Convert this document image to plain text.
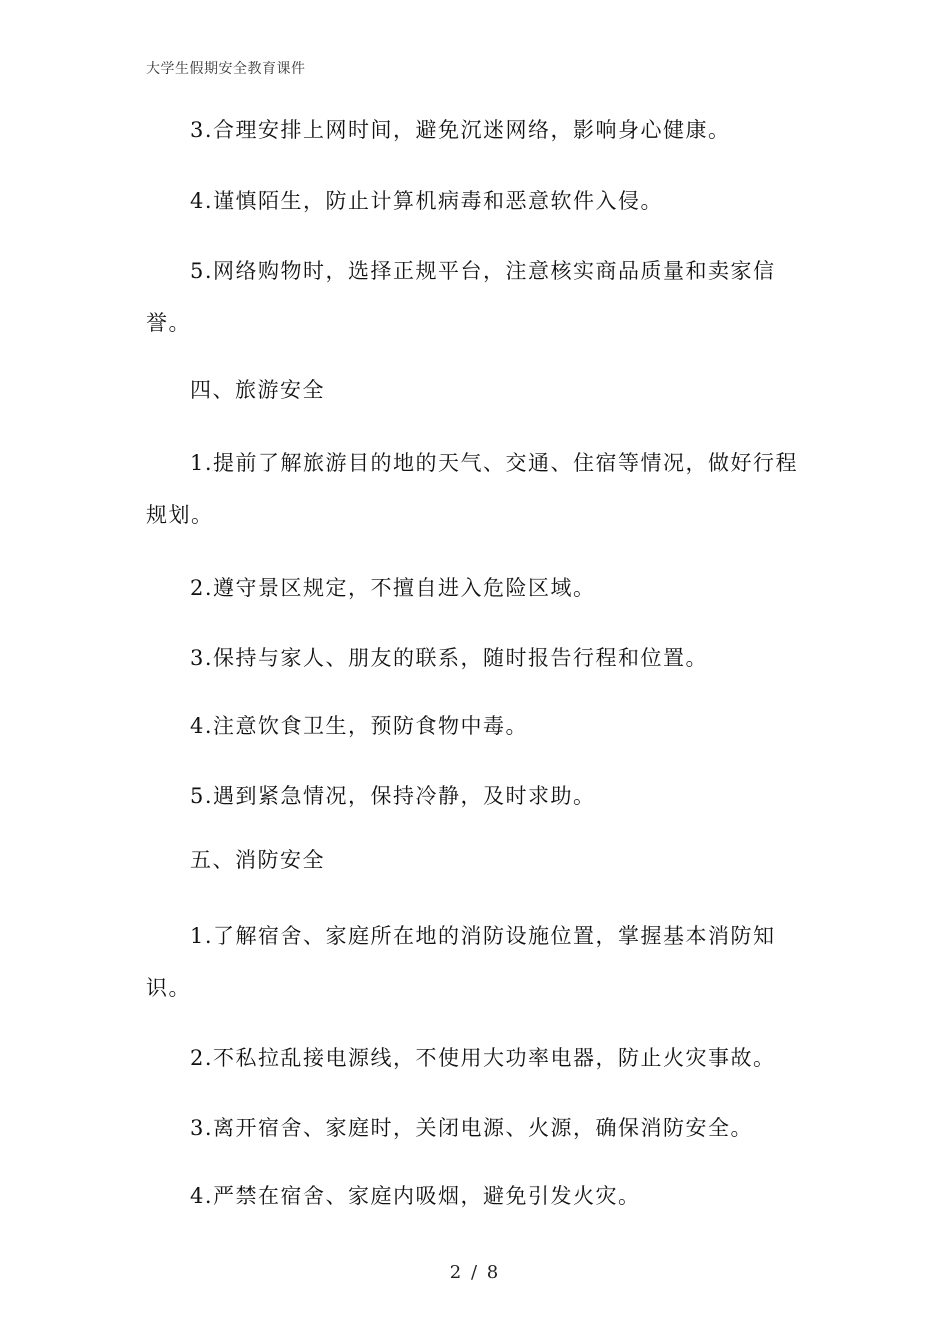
大学生假期安全教育课件

3.合理安排上网时间，避免沉迷网络，影响身心健康。

4.谨慎陌生，防止计算机病毒和恶意软件入侵。

5.网络购物时，选择正规平台，注意核实商品质量和卖家信誉。

四、旅游安全

1.提前了解旅游目的地的天气、交通、住宿等情况，做好行程规划。

2.遵守景区规定，不擅自进入危险区域。

3.保持与家人、朋友的联系，随时报告行程和位置。

4.注意饮食卫生，预防食物中毒。

5.遇到紧急情况，保持冷静，及时求助。

五、消防安全

1.了解宿舍、家庭所在地的消防设施位置，掌握基本消防知识。

2.不私拉乱接电源线，不使用大功率电器，防止火灾事故。

3.离开宿舍、家庭时，关闭电源、火源，确保消防安全。

4.严禁在宿舍、家庭内吸烟，避免引发火灾。

2 / 8
